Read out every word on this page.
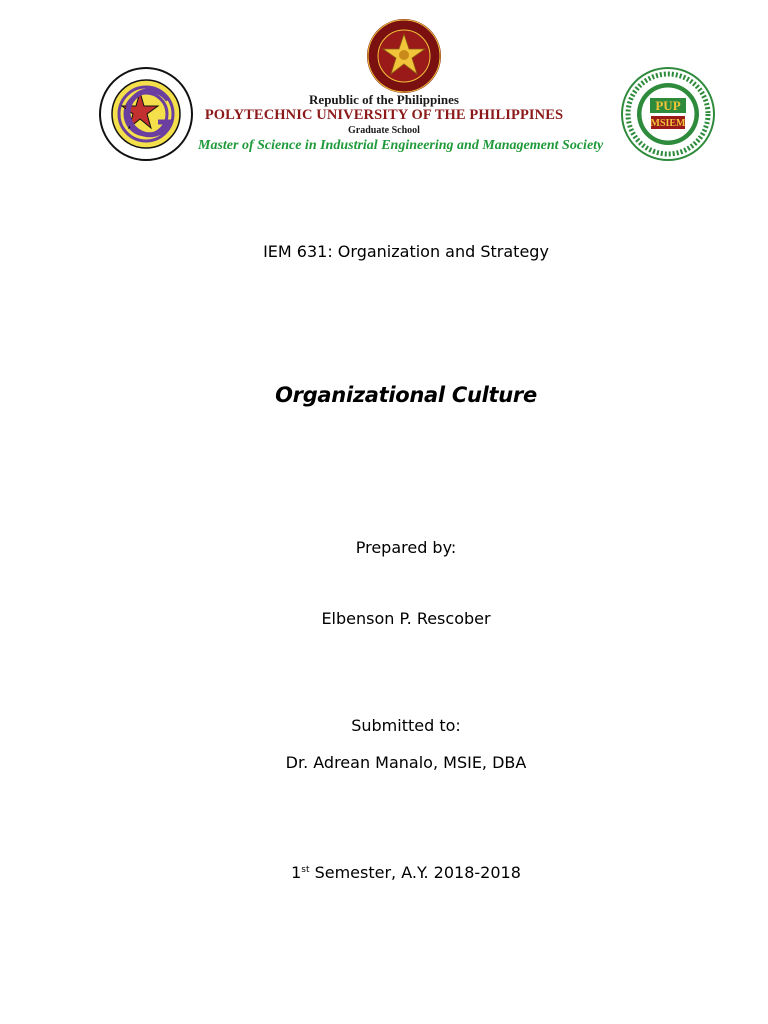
PUP
MSIEM
Republic of the Philippines
POLYTECHNIC UNIVERSITY OF THE PHILIPPINES
Graduate School
Master of Science in Industrial Engineering and Management Society
IEM 631: Organization and Strategy
Organizational Culture
Prepared by:
Elbenson P. Rescober
Submitted to:
Dr. Adrean Manalo, MSIE, DBA
1st Semester, A.Y. 2018-2018
